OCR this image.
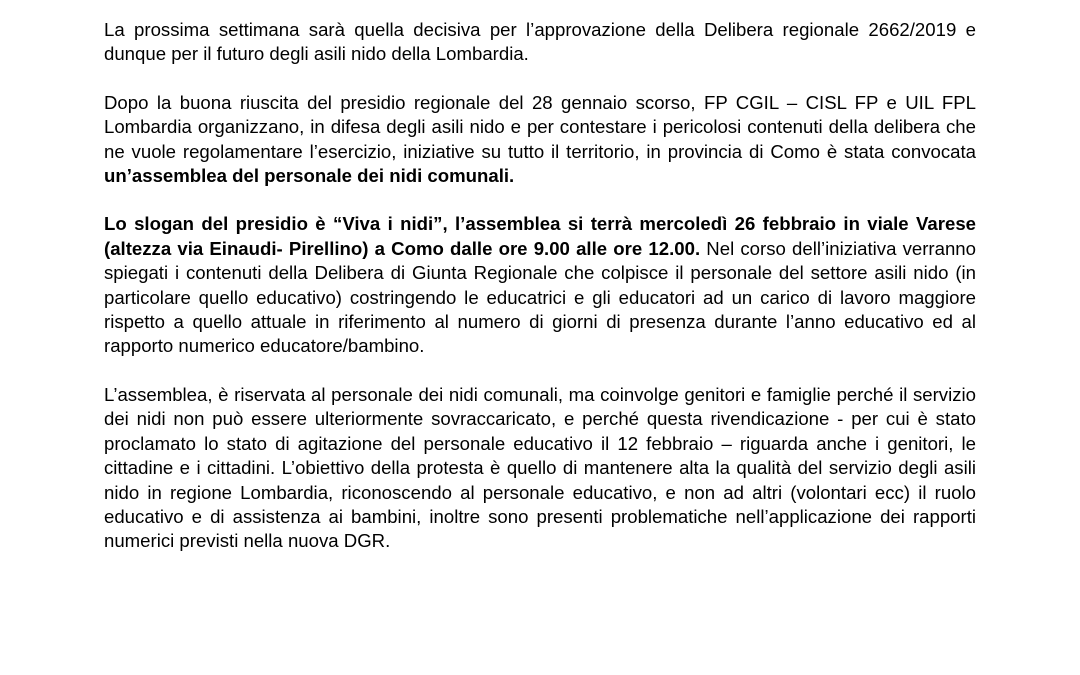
La prossima settimana sarà quella decisiva per l’approvazione della Delibera regionale 2662/2019 e dunque per il futuro degli asili nido della Lombardia.

Dopo la buona riuscita del presidio regionale del 28 gennaio scorso, FP CGIL – CISL FP e UIL FPL Lombardia organizzano, in difesa degli asili nido e per contestare i pericolosi contenuti della delibera che ne vuole regolamentare l’esercizio, iniziative su tutto il territorio, in provincia di Como è stata convocata un’assemblea del personale dei nidi comunali.

Lo slogan del presidio è “Viva i nidi”, l’assemblea si terrà mercoledì 26 febbraio in viale Varese (altezza via Einaudi- Pirellino) a Como dalle ore 9.00 alle ore 12.00. Nel corso dell’iniziativa verranno spiegati i contenuti della Delibera di Giunta Regionale che colpisce il personale del settore asili nido (in particolare quello educativo) costringendo le educatrici e gli educatori ad un carico di lavoro maggiore rispetto a quello attuale in riferimento al numero di giorni di presenza durante l’anno educativo ed al rapporto numerico educatore/bambino.

L’assemblea, è riservata al personale dei nidi comunali, ma coinvolge genitori e famiglie perché il servizio dei nidi non può essere ulteriormente sovraccaricato, e perché questa rivendicazione - per cui è stato proclamato lo stato di agitazione del personale educativo il 12 febbraio – riguarda anche i genitori, le cittadine e i cittadini. L’obiettivo della protesta è quello di mantenere alta la qualità del servizio degli asili nido in regione Lombardia, riconoscendo al personale educativo, e non ad altri (volontari ecc) il ruolo educativo e di assistenza ai bambini, inoltre sono presenti problematiche nell’applicazione dei rapporti numerici previsti nella nuova DGR.
